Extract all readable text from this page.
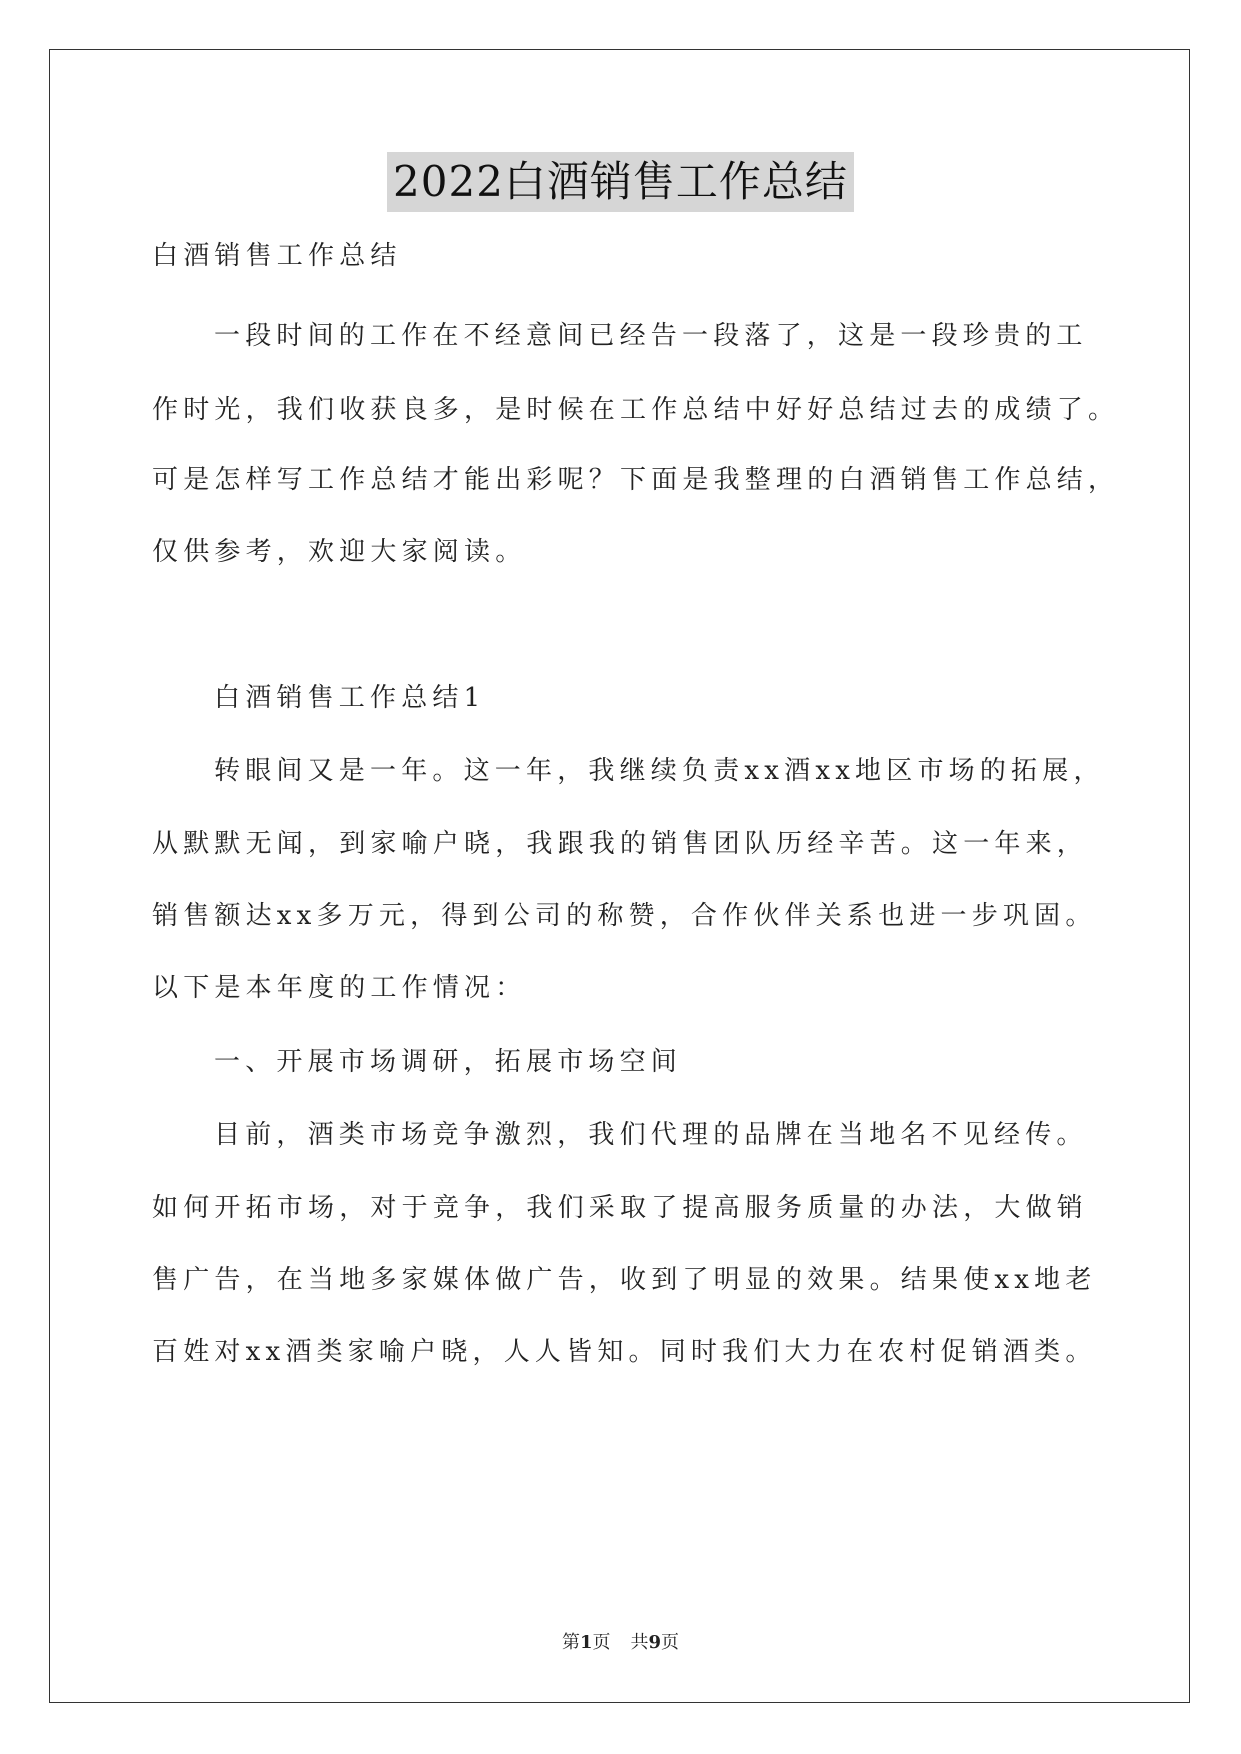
2022白酒销售工作总结
白酒销售工作总结
一段时间的工作在不经意间已经告一段落了，这是一段珍贵的工
作时光，我们收获良多，是时候在工作总结中好好总结过去的成绩了。
可是怎样写工作总结才能出彩呢？下面是我整理的白酒销售工作总结，
仅供参考，欢迎大家阅读。
白酒销售工作总结1
转眼间又是一年。这一年，我继续负责xx酒xx地区市场的拓展，
从默默无闻，到家喻户晓，我跟我的销售团队历经辛苦。这一年来，
销售额达xx多万元，得到公司的称赞，合作伙伴关系也进一步巩固。
以下是本年度的工作情况：
一、开展市场调研，拓展市场空间
目前，酒类市场竞争激烈，我们代理的品牌在当地名不见经传。
如何开拓市场，对于竞争，我们采取了提高服务质量的办法，大做销
售广告，在当地多家媒体做广告，收到了明显的效果。结果使xx地老
百姓对xx酒类家喻户晓，人人皆知。同时我们大力在农村促销酒类。
第1页 共9页
